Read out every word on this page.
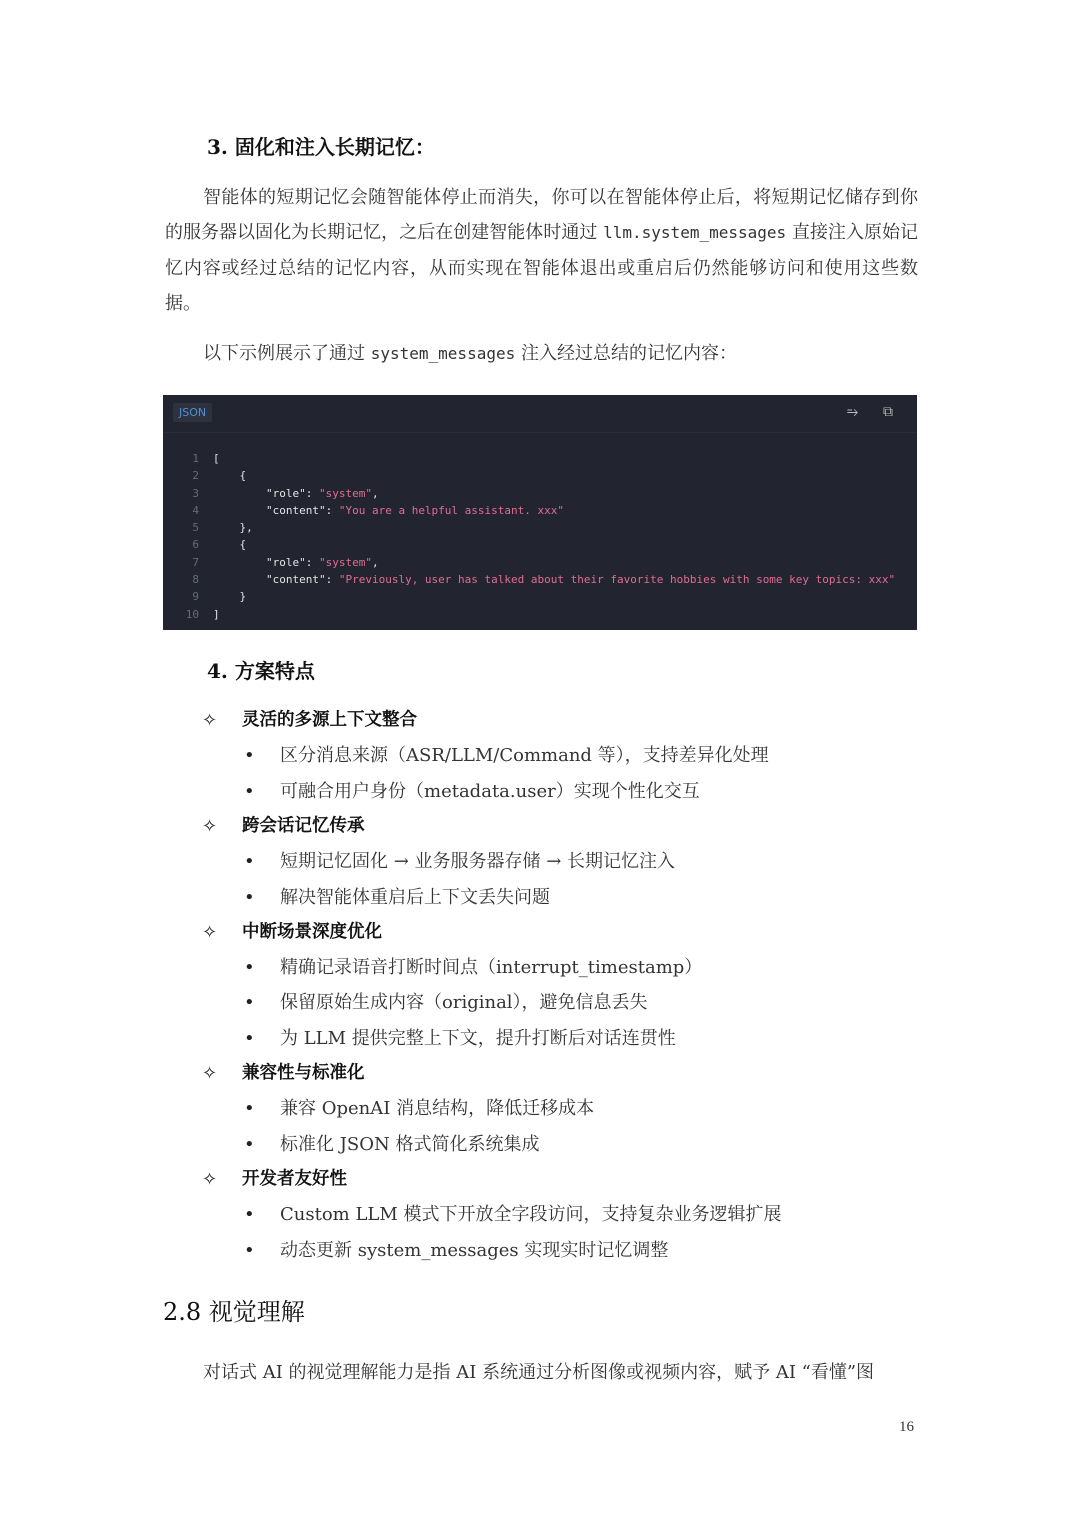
3. 固化和注入长期记忆：
智能体的短期记忆会随智能体停止而消失，你可以在智能体停止后，将短期记忆储存到你的服务器以固化为长期记忆，之后在创建智能体时通过 llm.system_messages 直接注入原始记忆内容或经过总结的记忆内容，从而实现在智能体退出或重启后仍然能够访问和使用这些数据。
以下示例展示了通过 system_messages 注入经过总结的记忆内容：
JSON	⥱ ⧉
1 [
2    {
3        "role": "system",
4        "content": "You are a helpful assistant. xxx"
5    },
6    {
7        "role": "system",
8        "content": "Previously, user has talked about their favorite hobbies with some key topics: xxx"
9    }
10 ]
4. 方案特点
✧ 灵活的多源上下文整合
• 区分消息来源（ASR/LLM/Command 等），支持差异化处理
• 可融合用户身份（metadata.user）实现个性化交互
✧ 跨会话记忆传承
• 短期记忆固化 → 业务服务器存储 → 长期记忆注入
• 解决智能体重启后上下文丢失问题
✧ 中断场景深度优化
• 精确记录语音打断时间点（interrupt_timestamp）
• 保留原始生成内容（original），避免信息丢失
• 为 LLM 提供完整上下文，提升打断后对话连贯性
✧ 兼容性与标准化
• 兼容 OpenAI 消息结构，降低迁移成本
• 标准化 JSON 格式简化系统集成
✧ 开发者友好性
• Custom LLM 模式下开放全字段访问，支持复杂业务逻辑扩展
• 动态更新 system_messages 实现实时记忆调整
2.8 视觉理解
对话式 AI 的视觉理解能力是指 AI 系统通过分析图像或视频内容，赋予 AI “看懂”图
16
